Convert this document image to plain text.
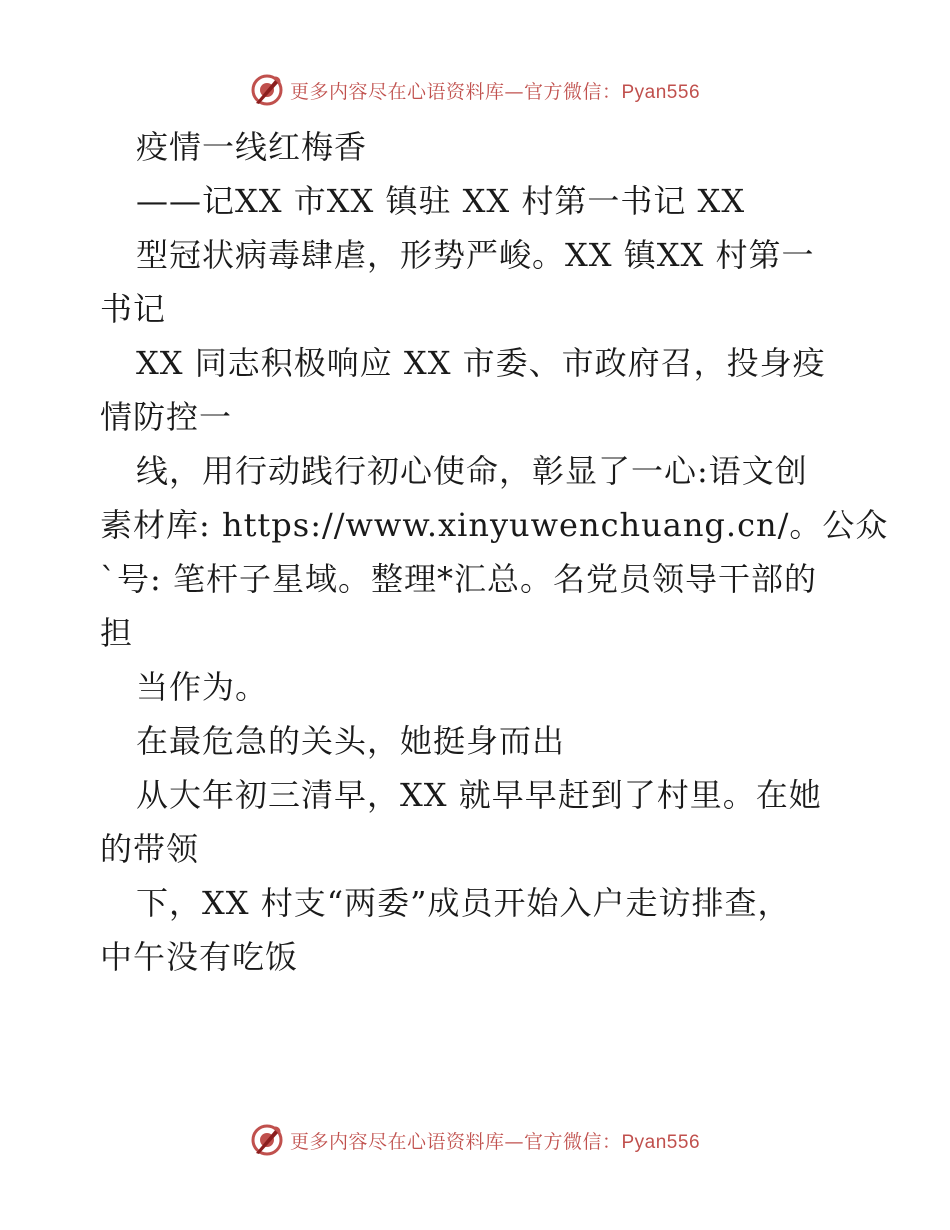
更多内容尽在心语资料库—官方微信：Pyan556

疫情一线红梅香

——记XX 市XX 镇驻 XX 村第一书记 XX

型冠状病毒肆虐，形势严峻。XX 镇XX 村第一

书记

XX 同志积极响应 XX 市委、市政府召，投身疫

情防控一

线，用行动践行初心使命，彰显了一心:语文创

素材库: https://www.xinyuwenchuang.cn/。公众

`号: 笔杆子星域。整理*汇总。名党员领导干部的

担

当作为。

在最危急的关头，她挺身而出

从大年初三清早，XX 就早早赶到了村里。在她

的带领

下，XX 村支“两委”成员开始入户走访排查，

中午没有吃饭

更多内容尽在心语资料库—官方微信：Pyan556
